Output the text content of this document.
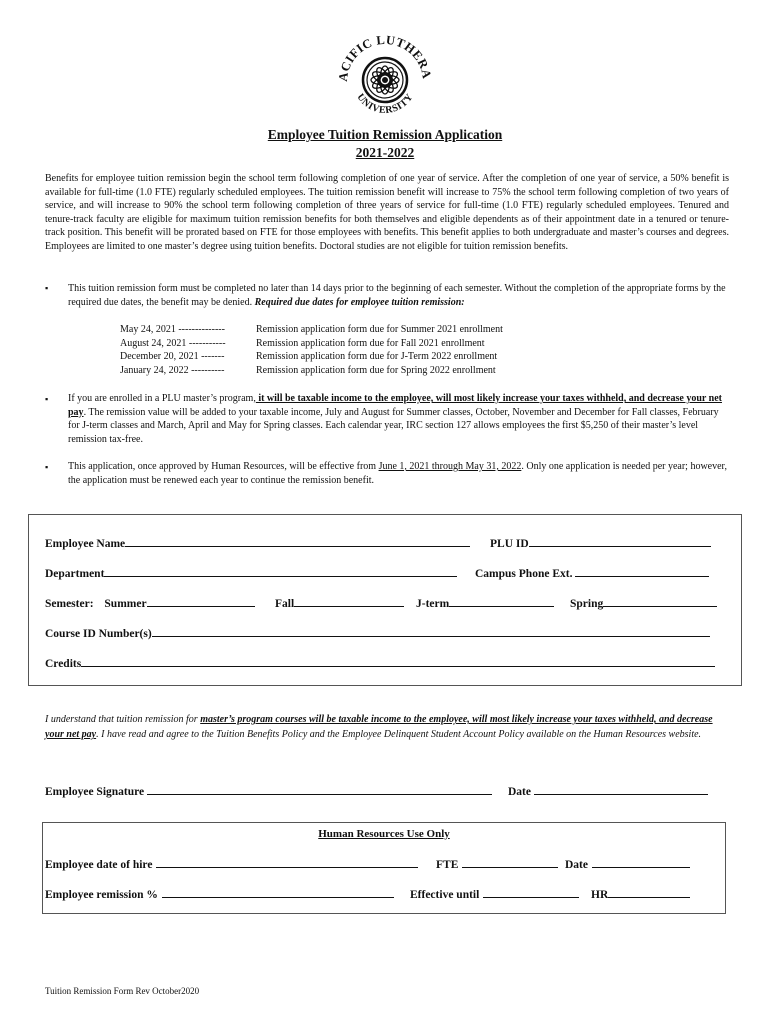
ACIFIC LUTHERA
UNIVERSITY
Employee Tuition Remission Application
2021-2022
Benefits for employee tuition remission begin the school term following completion of one year of service. After the completion of one year of service, a 50% benefit is available for full-time (1.0 FTE) regularly scheduled employees. The tuition remission benefit will increase to 75% the school term following completion of two years of service, and will increase to 90% the school term following completion of three years of service for full-time (1.0 FTE) regularly scheduled employees. Tenured and tenure-track faculty are eligible for maximum tuition remission benefits for both themselves and eligible dependents as of their appointment date in a tenured or tenure-track position. This benefit will be prorated based on FTE for those employees with benefits. This benefit applies to both undergraduate and master’s courses and degrees. Employees are limited to one master’s degree using tuition benefits. Doctoral studies are not eligible for tuition remission benefits.
▪ This tuition remission form must be completed no later than 14 days prior to the beginning of each semester. Without the completion of the appropriate forms by the required due dates, the benefit may be denied. Required due dates for employee tuition remission:
May 24, 2021 --------------	Remission application form due for Summer 2021 enrollment
August 24, 2021 -----------	Remission application form due for Fall 2021 enrollment
December 20, 2021 -------	Remission application form due for J-Term 2022 enrollment
January 24, 2022 ----------	Remission application form due for Spring 2022 enrollment
▪ If you are enrolled in a PLU master’s program, it will be taxable income to the employee, will most likely increase your taxes withheld, and decrease your net pay. The remission value will be added to your taxable income, July and August for Summer classes, October, November and December for Fall classes, February for J-term classes and March, April and May for Spring classes. Each calendar year, IRC section 127 allows employees the first $5,250 of their master’s level remission tax-free.
▪ This application, once approved by Human Resources, will be effective from June 1, 2021 through May 31, 2022. Only one application is needed per year; however, the application must be renewed each year to continue the remission benefit.
Employee Name	PLU ID
Department	Campus Phone Ext.
Semester: Summer	Fall	J-term	Spring
Course ID Number(s)
Credits
I understand that tuition remission for master’s program courses will be taxable income to the employee, will most likely increase your taxes withheld, and decrease your net pay. I have read and agree to the Tuition Benefits Policy and the Employee Delinquent Student Account Policy available on the Human Resources website.
Employee Signature	Date
Human Resources Use Only
Employee date of hire	FTE	Date
Employee remission %	Effective until	HR
Tuition Remission Form Rev October2020
